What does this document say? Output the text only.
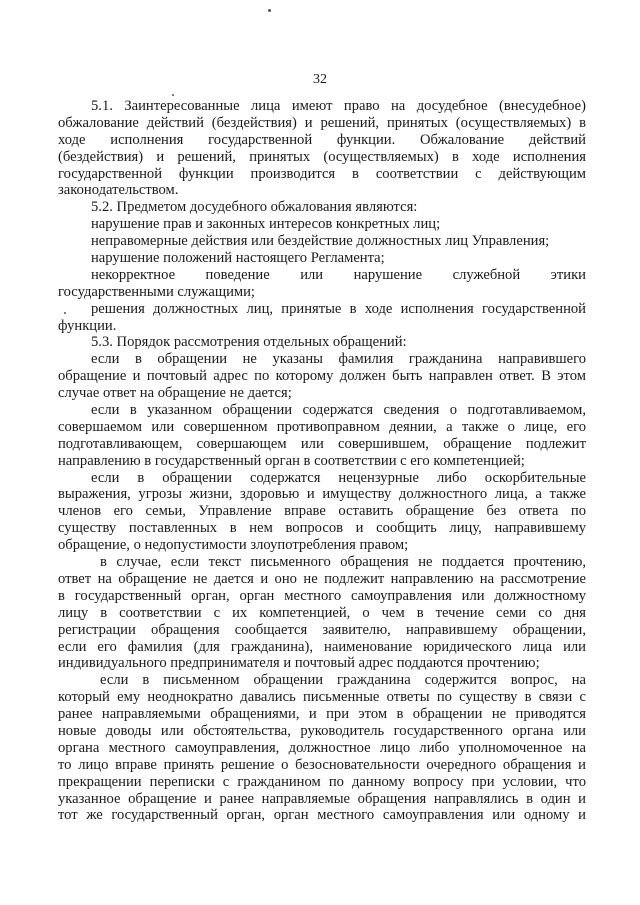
32
5.1. Заинтересованные лица имеют право на досудебное (внесудебное)
обжалование действий (бездействия) и решений, принятых (осуществляемых) в
ходе исполнения государственной функции. Обжалование действий
(бездействия) и решений, принятых (осуществляемых) в ходе исполнения
государственной функции производится в соответствии с действующим
законодательством.
5.2. Предметом досудебного обжалования являются:
нарушение прав и законных интересов конкретных лиц;
неправомерные действия или бездействие должностных лиц Управления;
нарушение положений настоящего Регламента;
некорректное поведение или нарушение служебной этики
государственными служащими;
решения должностных лиц, принятые в ходе исполнения государственной
функции.
5.3. Порядок рассмотрения отдельных обращений:
если в обращении не указаны фамилия гражданина направившего
обращение и почтовый адрес по которому должен быть направлен ответ. В этом
случае ответ на обращение не дается;
если в указанном обращении содержатся сведения о подготавливаемом,
совершаемом или совершенном противоправном деянии, а также о лице, его
подготавливающем, совершающем или совершившем, обращение подлежит
направлению в государственный орган в соответствии с его компетенцией;
если в обращении содержатся нецензурные либо оскорбительные
выражения, угрозы жизни, здоровью и имуществу должностного лица, а также
членов его семьи, Управление вправе оставить обращение без ответа по
существу поставленных в нем вопросов и сообщить лицу, направившему
обращение, о недопустимости злоупотребления правом;
в случае, если текст письменного обращения не поддается прочтению,
ответ на обращение не дается и оно не подлежит направлению на рассмотрение
в государственный орган, орган местного самоуправления или должностному
лицу в соответствии с их компетенцией, о чем в течение семи со дня
регистрации обращения сообщается заявителю, направившему обращении,
если его фамилия (для гражданина), наименование юридического лица или
индивидуального предпринимателя и почтовый адрес поддаются прочтению;
если в письменном обращении гражданина содержится вопрос, на
который ему неоднократно давались письменные ответы по существу в связи с
ранее направляемыми обращениями, и при этом в обращении не приводятся
новые доводы или обстоятельства, руководитель государственного органа или
органа местного самоуправления, должностное лицо либо уполномоченное на
то лицо вправе принять решение о безосновательности очередного обращения и
прекращении переписки с гражданином по данному вопросу при условии, что
указанное обращение и ранее направляемые обращения направлялись в один и
тот же государственный орган, орган местного самоуправления или одному и
